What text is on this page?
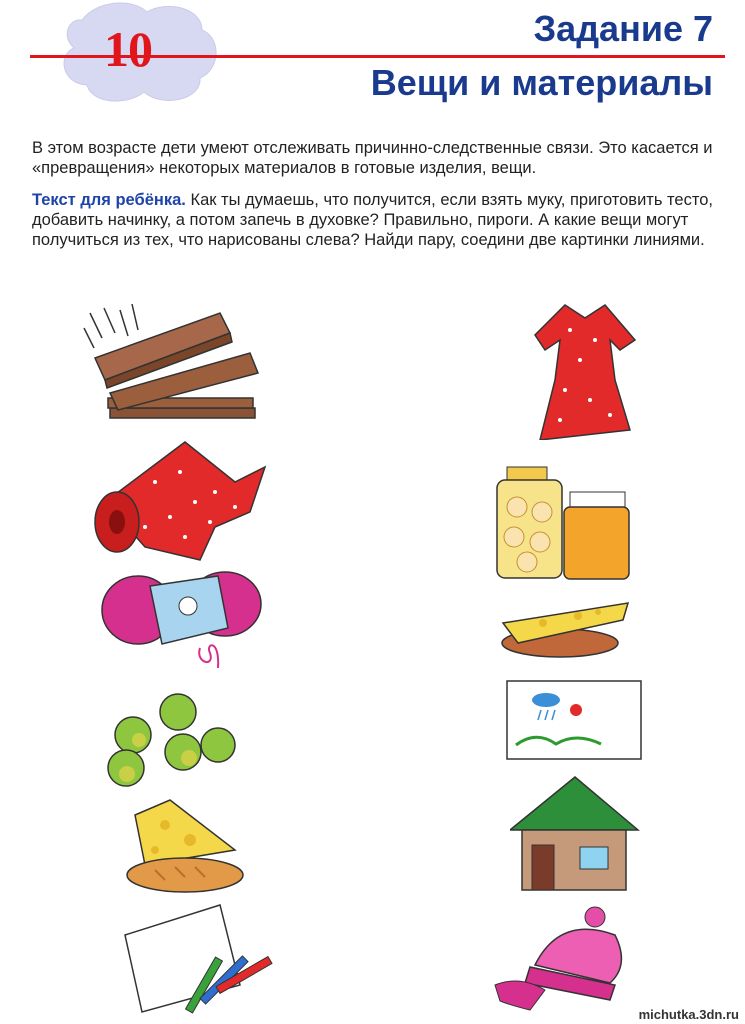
10	Задание 7
Вещи и материалы

В этом возрасте дети умеют отслеживать причинно-следственные связи. Это касается и «превращения» некоторых материалов в готовые изделия, вещи.

Текст для ребёнка. Как ты думаешь, что получится, если взять муку, приготовить тесто, добавить начинку, а потом запечь в духовке? Правильно, пироги. А какие вещи могут получиться из тех, что нарисованы слева? Найди пару, соедини две картинки линиями.

michutka.3dn.ru
